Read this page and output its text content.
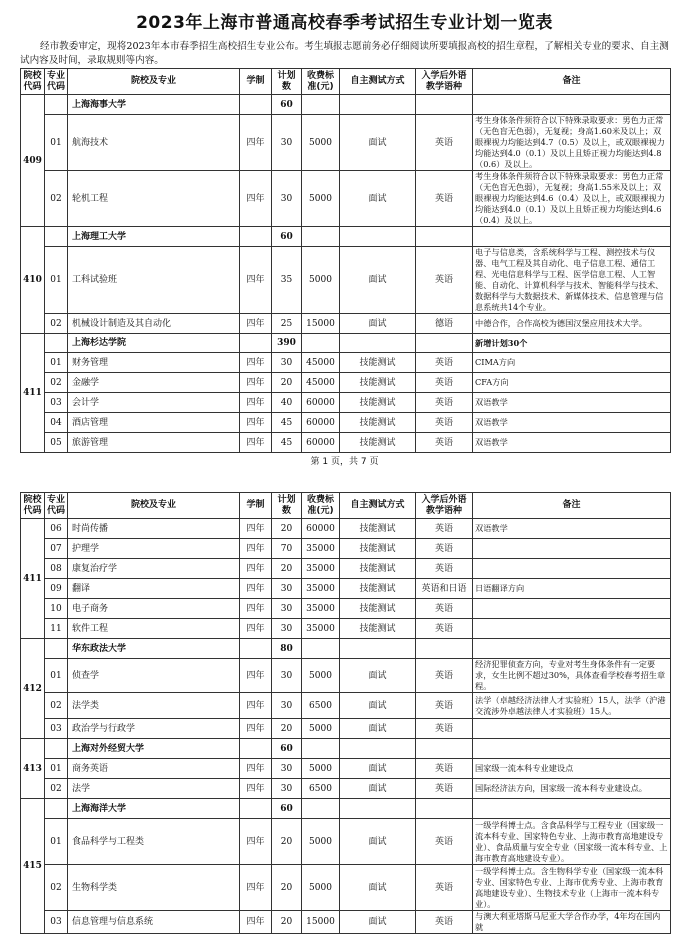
2023年上海市普通高校春季考试招生专业计划一览表
经市教委审定，现将2023年本市春季招生高校招生专业公布。考生填报志愿前务必仔细阅读所要填报高校的招生章程，了解相关专业的要求、自主测试内容及时间，录取规则等内容。
院校代码	专业代码	院校及专业	学制	计划数	收费标准(元)	自主测试方式	入学后外语教学语种	备注
409		上海海事大学		60				
	01	航海技术	四年	30	5000	面试	英语	考生身体条件须符合以下特殊录取要求：男色力正常（无色盲无色弱），无复视；身高1.60米及以上；双眼裸视力均能达到4.7（0.5）及以上，或双眼裸视力均能达到4.0（0.1）及以上且矫正视力均能达到4.8（0.6）及以上。
	02	轮机工程	四年	30	5000	面试	英语	考生身体条件须符合以下特殊录取要求：男色力正常（无色盲无色弱），无复视；身高1.55米及以上；双眼裸视力均能达到4.6（0.4）及以上，或双眼裸视力均能达到4.0（0.1）及以上且矫正视力均能达到4.6（0.4）及以上。
410		上海理工大学		60				
	01	工科试验班	四年	35	5000	面试	英语	电子与信息类，含系统科学与工程、测控技术与仪器、电气工程及其自动化、电子信息工程、通信工程、光电信息科学与工程、医学信息工程、人工智能、自动化、计算机科学与技术、智能科学与技术、数据科学与大数据技术、新媒体技术、信息管理与信息系统共14个专业。
	02	机械设计制造及其自动化	四年	25	15000	面试	德语	中德合作，合作高校为德国汉堡应用技术大学。
411		上海杉达学院		390				新增计划30个
	01	财务管理	四年	30	45000	技能测试	英语	CIMA方向
	02	金融学	四年	20	45000	技能测试	英语	CFA方向
	03	会计学	四年	40	60000	技能测试	英语	双语教学
	04	酒店管理	四年	45	60000	技能测试	英语	双语教学
	05	旅游管理	四年	45	60000	技能测试	英语	双语教学
第 1 页，共 7 页
院校代码	专业代码	院校及专业	学制	计划数	收费标准(元)	自主测试方式	入学后外语教学语种	备注
411	06	时尚传播	四年	20	60000	技能测试	英语	双语教学
	07	护理学	四年	70	35000	技能测试	英语	
	08	康复治疗学	四年	20	35000	技能测试	英语	
	09	翻译	四年	30	35000	技能测试	英语和日语	日语翻译方向
	10	电子商务	四年	30	35000	技能测试	英语	
	11	软件工程	四年	30	35000	技能测试	英语	
412		华东政法大学		80				
	01	侦查学	四年	30	5000	面试	英语	经济犯罪侦查方向，专业对考生身体条件有一定要求，女生比例不超过30%，具体查看学校春考招生章程。
	02	法学类	四年	30	6500	面试	英语	法学（卓越经济法律人才实验班）15人，法学（沪港交流涉外卓越法律人才实验班）15人。
	03	政治学与行政学	四年	20	5000	面试	英语	
413		上海对外经贸大学		60				
	01	商务英语	四年	30	5000	面试	英语	国家级一流本科专业建设点
	02	法学	四年	30	6500	面试	英语	国际经济法方向，国家级一流本科专业建设点。
415		上海海洋大学		60				
	01	食品科学与工程类	四年	20	5000	面试	英语	一级学科博士点。含食品科学与工程专业（国家级一流本科专业、国家特色专业、上海市教育高地建设专业）、食品质量与安全专业（国家级一流本科专业、上海市教育高地建设专业）。
	02	生物科学类	四年	20	5000	面试	英语	一级学科博士点。含生物科学专业（国家级一流本科专业、国家特色专业、上海市优秀专业、上海市教育高地建设专业）、生物技术专业（上海市一流本科专业）。
	03	信息管理与信息系统	四年	20	15000	面试	英语	与澳大利亚塔斯马尼亚大学合作办学，4年均在国内就
